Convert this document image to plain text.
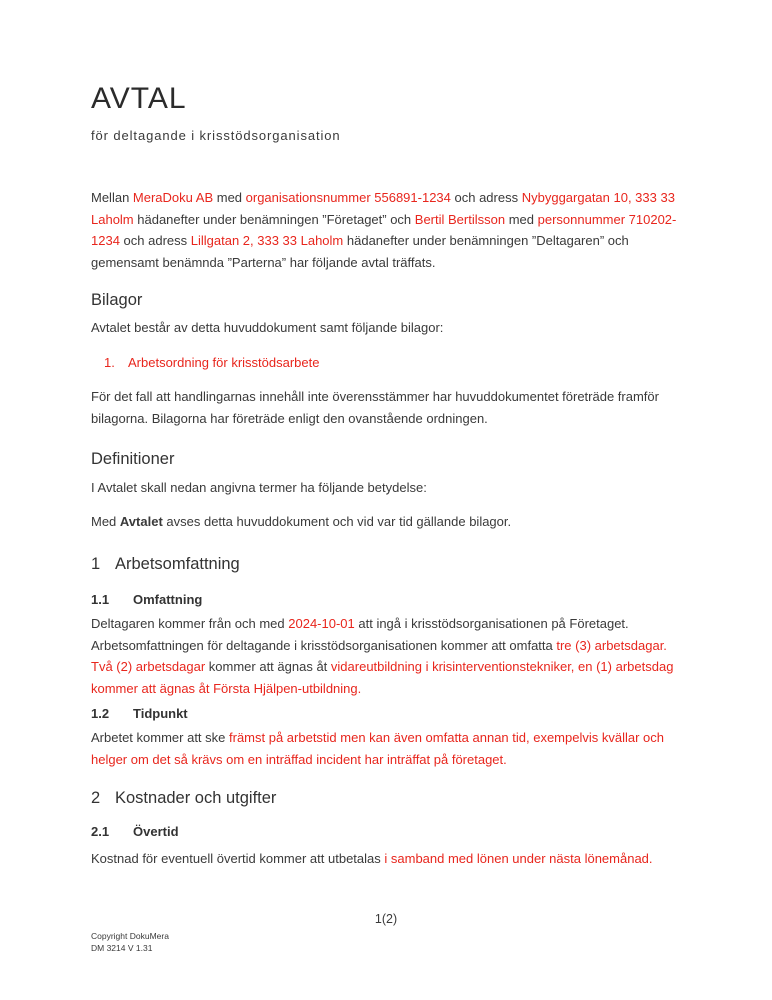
AVTAL
för deltagande i krisstödsorganisation

Mellan MeraDoku AB med organisationsnummer 556891-1234 och adress Nybyggargatan 10, 333 33 Laholm hädanefter under benämningen ”Företaget” och Bertil Bertilsson med personnummer 710202-1234 och adress Lillgatan 2, 333 33 Laholm hädanefter under benämningen ”Deltagaren” och gemensamt benämnda ”Parterna” har följande avtal träffats.

Bilagor

Avtalet består av detta huvuddokument samt följande bilagor:

1. Arbetsordning för krisstödsarbete

För det fall att handlingarnas innehåll inte överensstämmer har huvuddokumentet företräde framför bilagorna. Bilagorna har företräde enligt den ovanstående ordningen.

Definitioner

I Avtalet skall nedan angivna termer ha följande betydelse:

Med Avtalet avses detta huvuddokument och vid var tid gällande bilagor.

1 Arbetsomfattning
1.1 Omfattning

Deltagaren kommer från och med 2024-10-01 att ingå i krisstödsorganisationen på Företaget. Arbetsomfattningen för deltagande i krisstödsorganisationen kommer att omfatta tre (3) arbetsdagar. Två (2) arbetsdagar kommer att ägnas åt vidareutbildning i krisinterventionstekniker, en (1) arbetsdag kommer att ägnas åt Första Hjälpen-utbildning.

1.2 Tidpunkt

Arbetet kommer att ske främst på arbetstid men kan även omfatta annan tid, exempelvis kvällar och helger om det så krävs om en inträffad incident har inträffat på företaget.

2 Kostnader och utgifter
2.1 Övertid

Kostnad för eventuell övertid kommer att utbetalas i samband med lönen under nästa lönemånad.

1(2)
Copyright DokuMera
DM 3214 V 1.31
